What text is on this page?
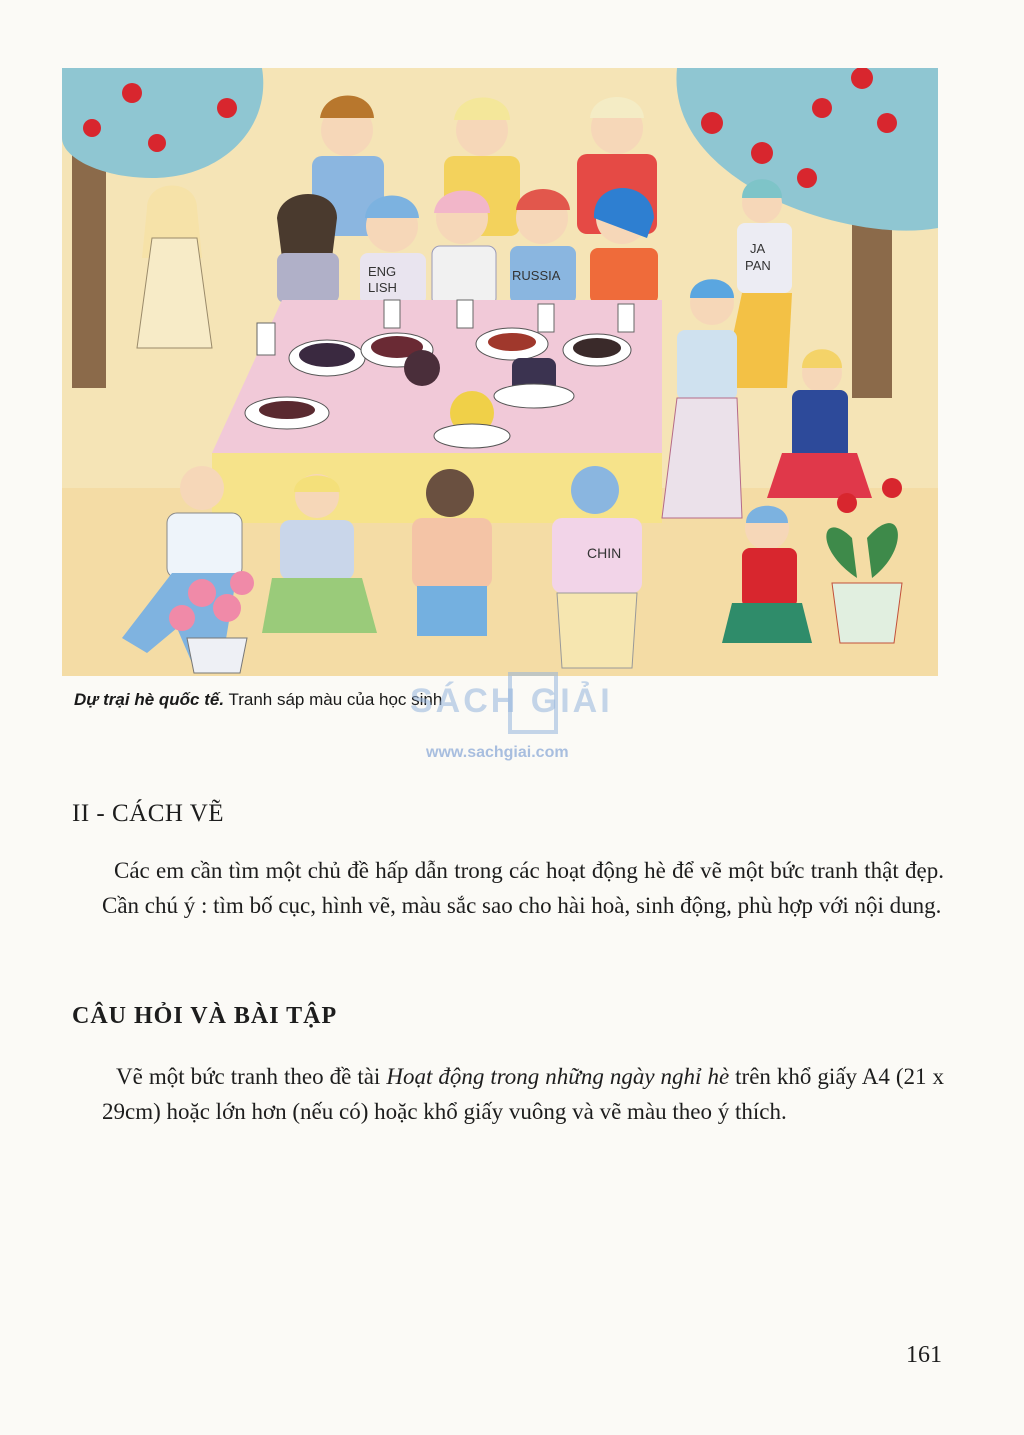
ENG
LISH
RUSSIA
JA
PAN
CHIN
Dự trại hè quốc tế. Tranh sáp màu của học sinh
SÁCH GIẢI
www.sachgiai.com
II - CÁCH VẼ
Các em cần tìm một chủ đề hấp dẫn trong các hoạt động hè để vẽ một bức tranh thật đẹp. Cần chú ý : tìm bố cục, hình vẽ, màu sắc sao cho hài hoà, sinh động, phù hợp với nội dung.
CÂU HỎI VÀ BÀI TẬP
Vẽ một bức tranh theo đề tài Hoạt động trong những ngày nghỉ hè trên khổ giấy A4 (21 x 29cm) hoặc lớn hơn (nếu có) hoặc khổ giấy vuông và vẽ màu theo ý thích.
161
